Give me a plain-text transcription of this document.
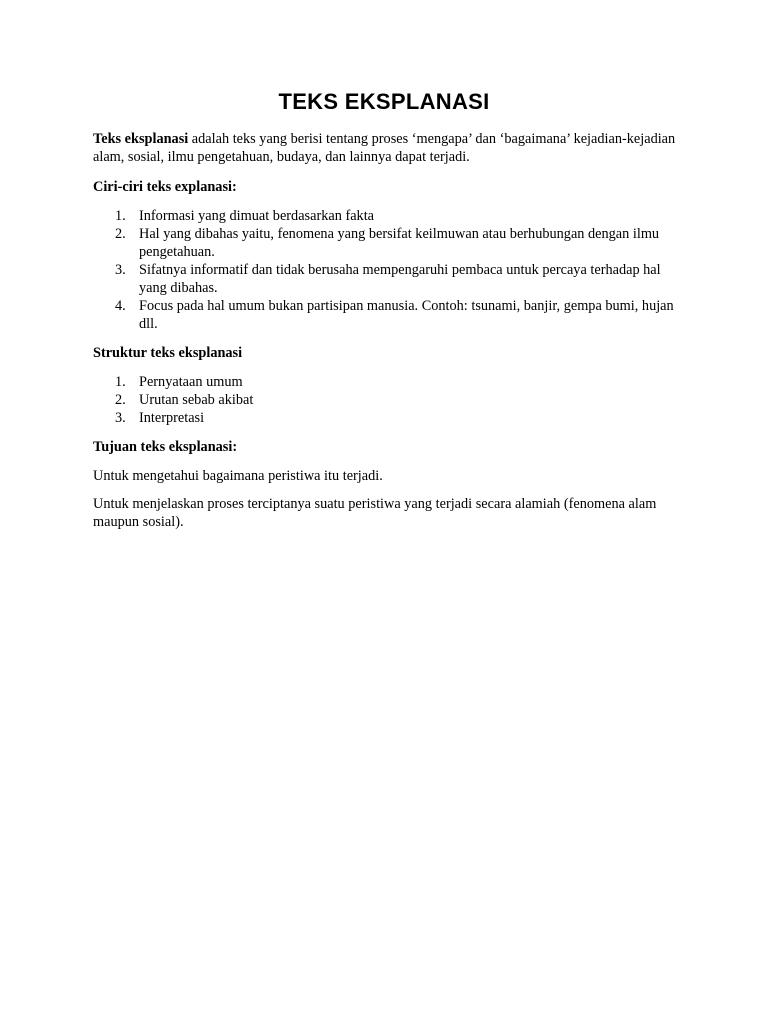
TEKS EKSPLANASI

Teks eksplanasi adalah teks yang berisi tentang proses ‘mengapa’ dan ‘bagaimana’ kejadian-kejadian alam, sosial, ilmu pengetahuan, budaya, dan lainnya dapat terjadi.

Ciri-ciri teks explanasi:

1. Informasi yang dimuat berdasarkan fakta
2. Hal yang dibahas yaitu, fenomena yang bersifat keilmuwan atau berhubungan dengan ilmu pengetahuan.
3. Sifatnya informatif dan tidak berusaha mempengaruhi pembaca untuk percaya terhadap hal yang dibahas.
4. Focus pada hal umum bukan partisipan manusia. Contoh: tsunami, banjir, gempa bumi, hujan dll.

Struktur teks eksplanasi

1. Pernyataan umum
2. Urutan sebab akibat
3. Interpretasi

Tujuan teks eksplanasi:

Untuk mengetahui bagaimana peristiwa itu terjadi.

Untuk menjelaskan proses terciptanya suatu peristiwa yang terjadi secara alamiah (fenomena alam maupun sosial).
